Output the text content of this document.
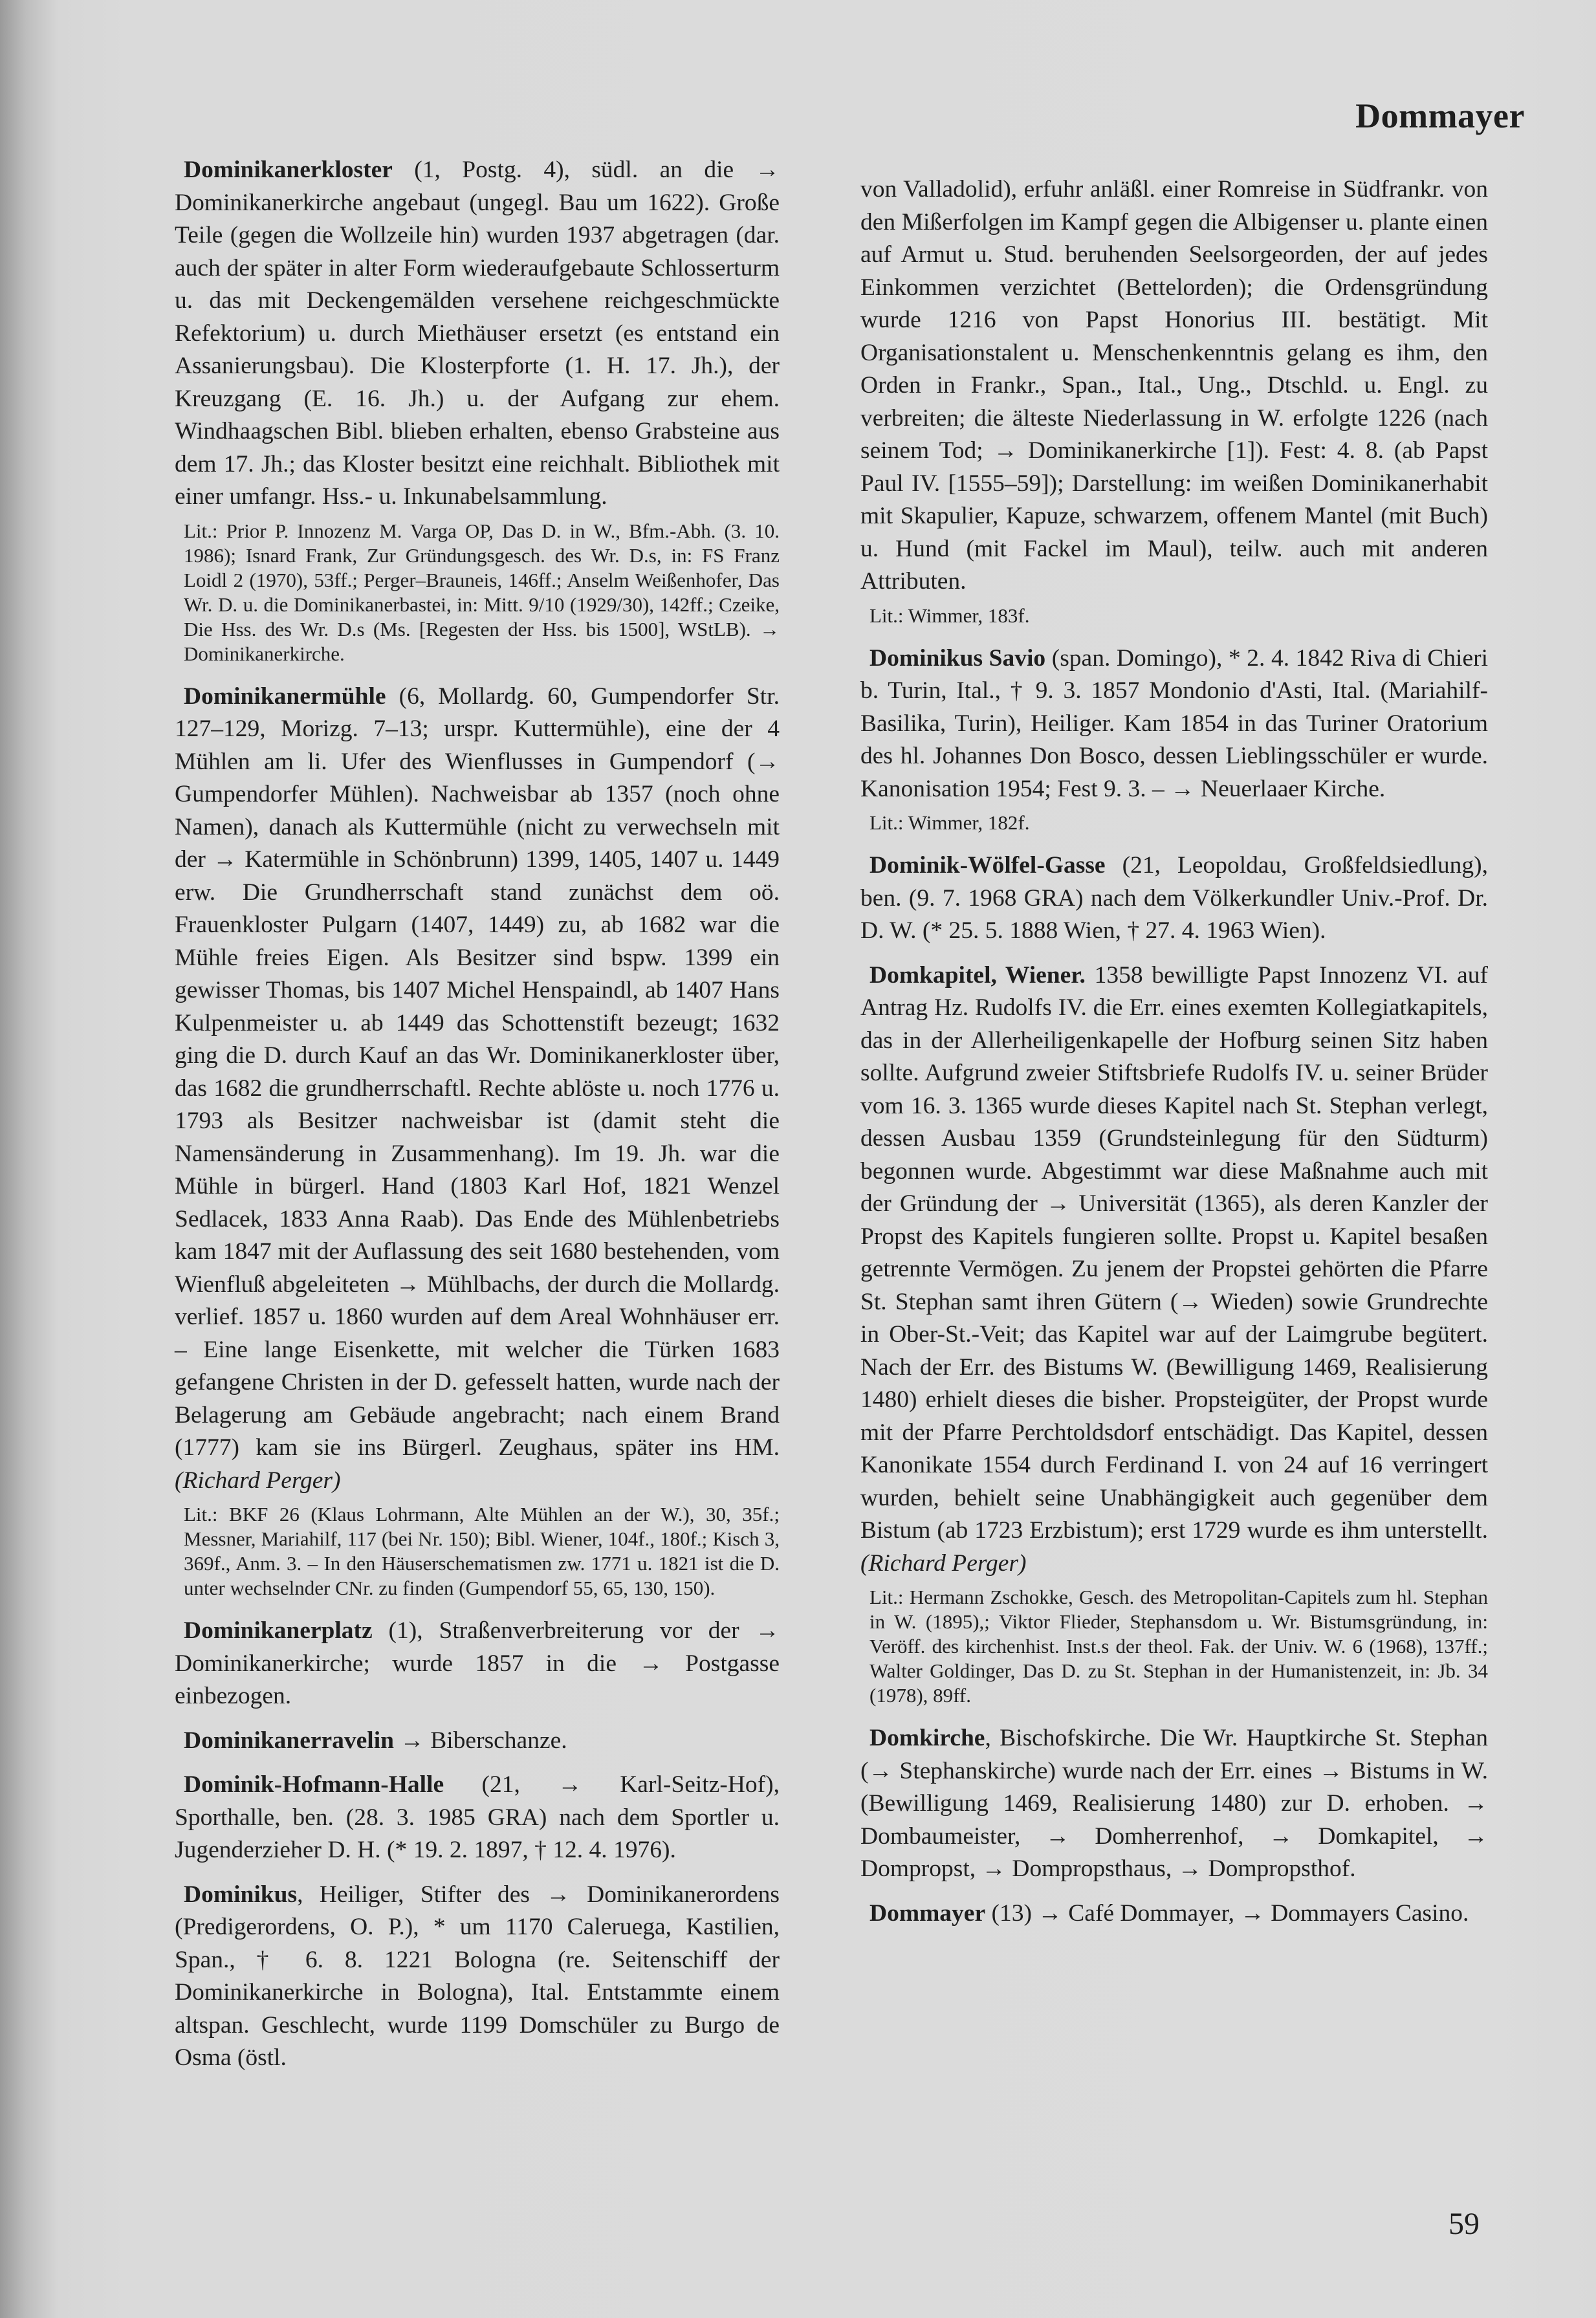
Dommayer

Dominikanerkloster (1, Postg. 4), südl. an die → Dominikanerkirche angebaut (ungegl. Bau um 1622). Große Teile (gegen die Wollzeile hin) wurden 1937 abgetragen (dar. auch der später in alter Form wiederaufgebaute Schlosserturm u. das mit Deckengemälden versehene reichgeschmückte Refektorium) u. durch Miethäuser ersetzt (es entstand ein Assanierungsbau). Die Klosterpforte (1. H. 17. Jh.), der Kreuzgang (E. 16. Jh.) u. der Aufgang zur ehem. Windhaagschen Bibl. blieben erhalten, ebenso Grabsteine aus dem 17. Jh.; das Kloster besitzt eine reichhalt. Bibliothek mit einer umfangr. Hss.- u. Inkunabelsammlung.

Lit.: Prior P. Innozenz M. Varga OP, Das D. in W., Bfm.-Abh. (3. 10. 1986); Isnard Frank, Zur Gründungsgesch. des Wr. D.s, in: FS Franz Loidl 2 (1970), 53ff.; Perger–Brauneis, 146ff.; Anselm Weißenhofer, Das Wr. D. u. die Dominikanerbastei, in: Mitt. 9/10 (1929/30), 142ff.; Czeike, Die Hss. des Wr. D.s (Ms. [Regesten der Hss. bis 1500], WStLB). → Dominikanerkirche.

Dominikanermühle (6, Mollardg. 60, Gumpendorfer Str. 127–129, Morizg. 7–13; urspr. Kuttermühle), eine der 4 Mühlen am li. Ufer des Wienflusses in Gumpendorf (→ Gumpendorfer Mühlen). Nachweisbar ab 1357 (noch ohne Namen), danach als Kuttermühle (nicht zu verwechseln mit der → Katermühle in Schönbrunn) 1399, 1405, 1407 u. 1449 erw. Die Grundherrschaft stand zunächst dem oö. Frauenkloster Pulgarn (1407, 1449) zu, ab 1682 war die Mühle freies Eigen. Als Besitzer sind bspw. 1399 ein gewisser Thomas, bis 1407 Michel Henspaindl, ab 1407 Hans Kulpenmeister u. ab 1449 das Schottenstift bezeugt; 1632 ging die D. durch Kauf an das Wr. Dominikanerkloster über, das 1682 die grundherrschaftl. Rechte ablöste u. noch 1776 u. 1793 als Besitzer nachweisbar ist (damit steht die Namensänderung in Zusammenhang). Im 19. Jh. war die Mühle in bürgerl. Hand (1803 Karl Hof, 1821 Wenzel Sedlacek, 1833 Anna Raab). Das Ende des Mühlenbetriebs kam 1847 mit der Auflassung des seit 1680 bestehenden, vom Wienfluß abgeleiteten → Mühlbachs, der durch die Mollardg. verlief. 1857 u. 1860 wurden auf dem Areal Wohnhäuser err. – Eine lange Eisenkette, mit welcher die Türken 1683 gefangene Christen in der D. gefesselt hatten, wurde nach der Belagerung am Gebäude angebracht; nach einem Brand (1777) kam sie ins Bürgerl. Zeughaus, später ins HM. (Richard Perger)

Lit.: BKF 26 (Klaus Lohrmann, Alte Mühlen an der W.), 30, 35f.; Messner, Mariahilf, 117 (bei Nr. 150); Bibl. Wiener, 104f., 180f.; Kisch 3, 369f., Anm. 3. – In den Häuserschematismen zw. 1771 u. 1821 ist die D. unter wechselnder CNr. zu finden (Gumpendorf 55, 65, 130, 150).

Dominikanerplatz (1), Straßenverbreiterung vor der → Dominikanerkirche; wurde 1857 in die → Postgasse einbezogen.

Dominikanerravelin → Biberschanze.

Dominik-Hofmann-Halle (21, → Karl-Seitz-Hof), Sporthalle, ben. (28. 3. 1985 GRA) nach dem Sportler u. Jugenderzieher D. H. (* 19. 2. 1897, † 12. 4. 1976).

Dominikus, Heiliger, Stifter des → Dominikanerordens (Predigerordens, O. P.), * um 1170 Caleruega, Kastilien, Span., † 6. 8. 1221 Bologna (re. Seitenschiff der Dominikanerkirche in Bologna), Ital. Entstammte einem altspan. Geschlecht, wurde 1199 Domschüler zu Burgo de Osma (östl.

von Valladolid), erfuhr anläßl. einer Romreise in Südfrankr. von den Mißerfolgen im Kampf gegen die Albigenser u. plante einen auf Armut u. Stud. beruhenden Seelsorgeorden, der auf jedes Einkommen verzichtet (Bettelorden); die Ordensgründung wurde 1216 von Papst Honorius III. bestätigt. Mit Organisationstalent u. Menschenkenntnis gelang es ihm, den Orden in Frankr., Span., Ital., Ung., Dtschld. u. Engl. zu verbreiten; die älteste Niederlassung in W. erfolgte 1226 (nach seinem Tod; → Dominikanerkirche [1]). Fest: 4. 8. (ab Papst Paul IV. [1555–59]); Darstellung: im weißen Dominikanerhabit mit Skapulier, Kapuze, schwarzem, offenem Mantel (mit Buch) u. Hund (mit Fackel im Maul), teilw. auch mit anderen Attributen.

Lit.: Wimmer, 183f.

Dominikus Savio (span. Domingo), * 2. 4. 1842 Riva di Chieri b. Turin, Ital., † 9. 3. 1857 Mondonio d'Asti, Ital. (Mariahilf-Basilika, Turin), Heiliger. Kam 1854 in das Turiner Oratorium des hl. Johannes Don Bosco, dessen Lieblingsschüler er wurde. Kanonisation 1954; Fest 9. 3. – → Neuerlaaer Kirche.

Lit.: Wimmer, 182f.

Dominik-Wölfel-Gasse (21, Leopoldau, Großfeldsiedlung), ben. (9. 7. 1968 GRA) nach dem Völkerkundler Univ.-Prof. Dr. D. W. (* 25. 5. 1888 Wien, † 27. 4. 1963 Wien).

Domkapitel, Wiener. 1358 bewilligte Papst Innozenz VI. auf Antrag Hz. Rudolfs IV. die Err. eines exemten Kollegiatkapitels, das in der Allerheiligenkapelle der Hofburg seinen Sitz haben sollte. Aufgrund zweier Stiftsbriefe Rudolfs IV. u. seiner Brüder vom 16. 3. 1365 wurde dieses Kapitel nach St. Stephan verlegt, dessen Ausbau 1359 (Grundsteinlegung für den Südturm) begonnen wurde. Abgestimmt war diese Maßnahme auch mit der Gründung der → Universität (1365), als deren Kanzler der Propst des Kapitels fungieren sollte. Propst u. Kapitel besaßen getrennte Vermögen. Zu jenem der Propstei gehörten die Pfarre St. Stephan samt ihren Gütern (→ Wieden) sowie Grundrechte in Ober-St.-Veit; das Kapitel war auf der Laimgrube begütert. Nach der Err. des Bistums W. (Bewilligung 1469, Realisierung 1480) erhielt dieses die bisher. Propsteigüter, der Propst wurde mit der Pfarre Perchtoldsdorf entschädigt. Das Kapitel, dessen Kanonikate 1554 durch Ferdinand I. von 24 auf 16 verringert wurden, behielt seine Unabhängigkeit auch gegenüber dem Bistum (ab 1723 Erzbistum); erst 1729 wurde es ihm unterstellt. (Richard Perger)

Lit.: Hermann Zschokke, Gesch. des Metropolitan-Capitels zum hl. Stephan in W. (1895),; Viktor Flieder, Stephansdom u. Wr. Bistumsgründung, in: Veröff. des kirchenhist. Inst.s der theol. Fak. der Univ. W. 6 (1968), 137ff.; Walter Goldinger, Das D. zu St. Stephan in der Humanistenzeit, in: Jb. 34 (1978), 89ff.

Domkirche, Bischofskirche. Die Wr. Hauptkirche St. Stephan (→ Stephanskirche) wurde nach der Err. eines → Bistums in W. (Bewilligung 1469, Realisierung 1480) zur D. erhoben. → Dombaumeister, → Domherrenhof, → Domkapitel, → Dompropst, → Dompropsthaus, → Dompropsthof.

Dommayer (13) → Café Dommayer, → Dommayers Casino.

59
